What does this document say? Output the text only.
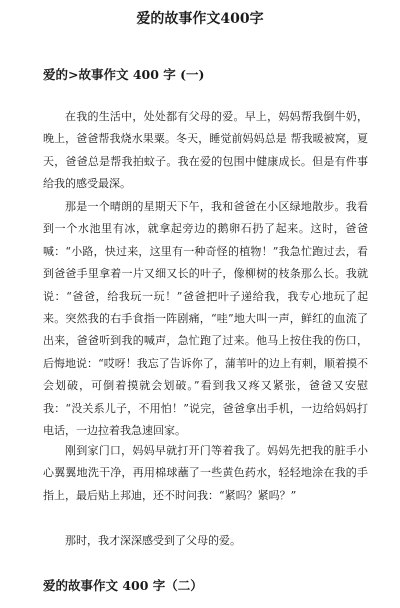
爱的故事作文400字
爱的>故事作文 400 字 (一)

在我的生活中，处处都有父母的爱。早上，妈妈帮我倒牛奶，晚上，爸爸帮我烧水果粟。冬天，睡觉前妈妈总是 帮我暖被窝，夏天，爸爸总是帮我拍蚊子。我在爱的包围中健康成长。但是有件事给我的感受最深。

那是一个晴朗的星期天下午，我和爸爸在小区绿地散步。我看到一个水池里有冰，就拿起旁边的鹅卵石扔了起来。这时，爸爸喊：“小路，快过来，这里有一种奇怪的植物！”我急忙跑过去，看到爸爸手里拿着一片又细又长的叶子，像柳树的枝条那么长。我就说：“爸爸，给我玩一玩！”爸爸把叶子递给我，我专心地玩了起来。突然我的右手食指一阵剧痛，“哇”地大叫一声，鲜红的血流了出来，爸爸听到我的喊声，急忙跑了过来。他马上按住我的伤口，后悔地说：“哎呀！我忘了告诉你了，蒲苇叶的边上有刺，顺着摸不会划破，可倒着摸就会划破。”看到我又疼又紧张，爸爸又安慰我：“没关系儿子，不用怕！”说完，爸爸拿出手机，一边给妈妈打电话，一边拉着我急速回家。

刚到家门口，妈妈早就打开门等着我了。妈妈先把我的脏手小心翼翼地洗干净，再用棉球蘸了一些黄色药水，轻轻地涂在我的手指上，最后贴上邦迪，还不时问我：“紧吗？紧吗？”

那时，我才深深感受到了父母的爱。

爱的故事作文 400 字（二）
